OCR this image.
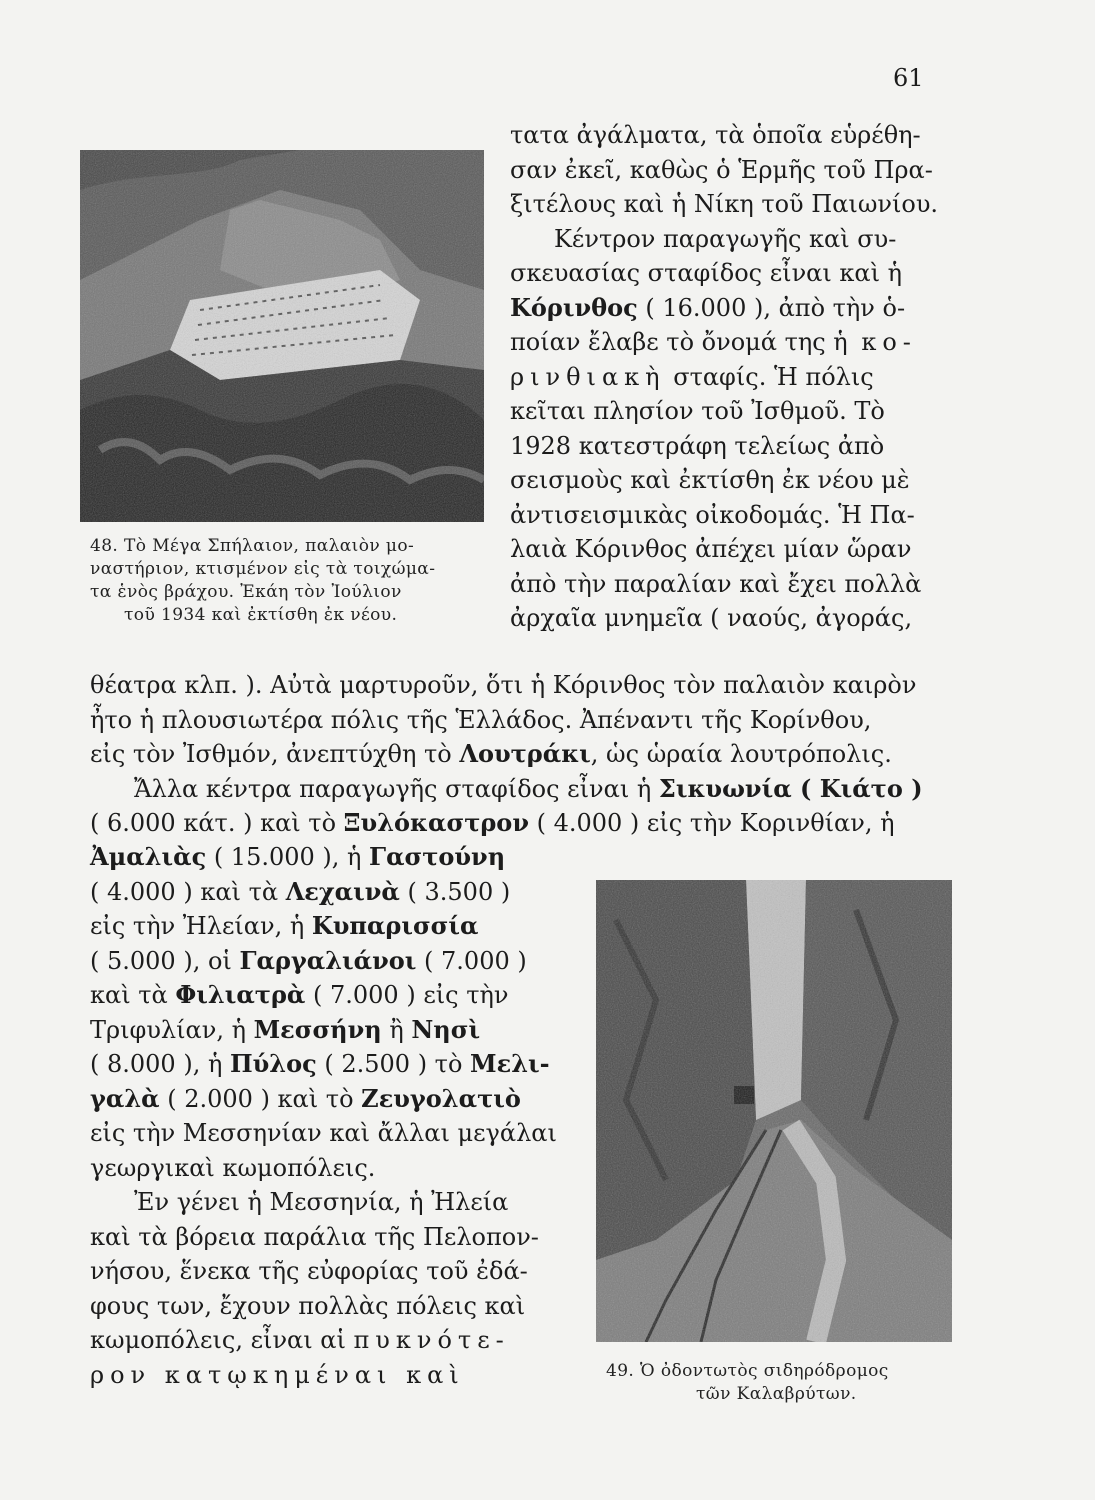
61
48. Τὸ Μέγα Σπήλαιον, παλαιὸν μο-
ναστήριον, κτισμένον εἰς τὰ τοιχώμα-
τα ἑνὸς βράχου. Ἐκάη τὸν Ἰούλιον
τοῦ 1934 καὶ ἐκτίσθη ἐκ νέου.
τατα ἀγάλματα, τὰ ὁποῖα εὑρέθη-
σαν ἐκεῖ, καθὼς ὁ Ἑρμῆς τοῦ Πρα-
ξιτέλους καὶ ἡ Νίκη τοῦ Παιωνίου.
Κέντρον παραγωγῆς καὶ συ-
σκευασίας σταφίδος εἶναι καὶ ἡ
Κόρινθος ( 16.000 ), ἀπὸ τὴν ὁ-
ποίαν ἔλαβε τὸ ὄνομά της ἡ κο-
ρινθιακὴ σταφίς. Ἡ πόλις
κεῖται πλησίον τοῦ Ἰσθμοῦ. Τὸ
1928 κατεστράφη τελείως ἀπὸ
σεισμοὺς καὶ ἐκτίσθη ἐκ νέου μὲ
ἀντισεισμικὰς οἰκοδομάς. Ἡ Πα-
λαιὰ Κόρινθος ἀπέχει μίαν ὥραν
ἀπὸ τὴν παραλίαν καὶ ἔχει πολλὰ
ἀρχαῖα μνημεῖα ( ναούς, ἀγοράς,
θέατρα κλπ. ). Αὐτὰ μαρτυροῦν, ὅτι ἡ Κόρινθος τὸν παλαιὸν καιρὸν
ἦτο ἡ πλουσιωτέρα πόλις τῆς Ἑλλάδος. Ἀπέναντι τῆς Κορίνθου,
εἰς τὸν Ἰσθμόν, ἀνεπτύχθη τὸ Λουτράκι, ὡς ὡραία λουτρόπολις.
Ἄλλα κέντρα παραγωγῆς σταφίδος εἶναι ἡ Σικυωνία ( Κιάτο )
( 6.000 κάτ. ) καὶ τὸ Ξυλόκαστρον ( 4.000 ) εἰς τὴν Κορινθίαν, ἡ
Ἀμαλιὰς ( 15.000 ), ἡ Γαστούνη
( 4.000 ) καὶ τὰ Λεχαινὰ ( 3.500 )
εἰς τὴν Ἠλείαν, ἡ Κυπαρισσία
( 5.000 ), οἱ Γαργαλιάνοι ( 7.000 )
καὶ τὰ Φιλιατρὰ ( 7.000 ) εἰς τὴν
Τριφυλίαν, ἡ Μεσσήνη ἢ Νησὶ
( 8.000 ), ἡ Πύλος ( 2.500 ) τὸ Μελι-
γαλὰ ( 2.000 ) καὶ τὸ Ζευγολατιὸ
εἰς τὴν Μεσσηνίαν καὶ ἄλλαι μεγάλαι
γεωργικαὶ κωμοπόλεις.
Ἐν γένει ἡ Μεσσηνία, ἡ Ἠλεία
καὶ τὰ βόρεια παράλια τῆς Πελοπον-
νήσου, ἕνεκα τῆς εὐφορίας τοῦ ἐδά-
φους των, ἔχουν πολλὰς πόλεις καὶ
κωμοπόλεις, εἶναι αἱ πυκνότε-
ρον κατῳκημέναι καὶ	49. Ὁ ὀδοντωτὸς σιδηρόδρομος
τῶν Καλαβρύτων.
